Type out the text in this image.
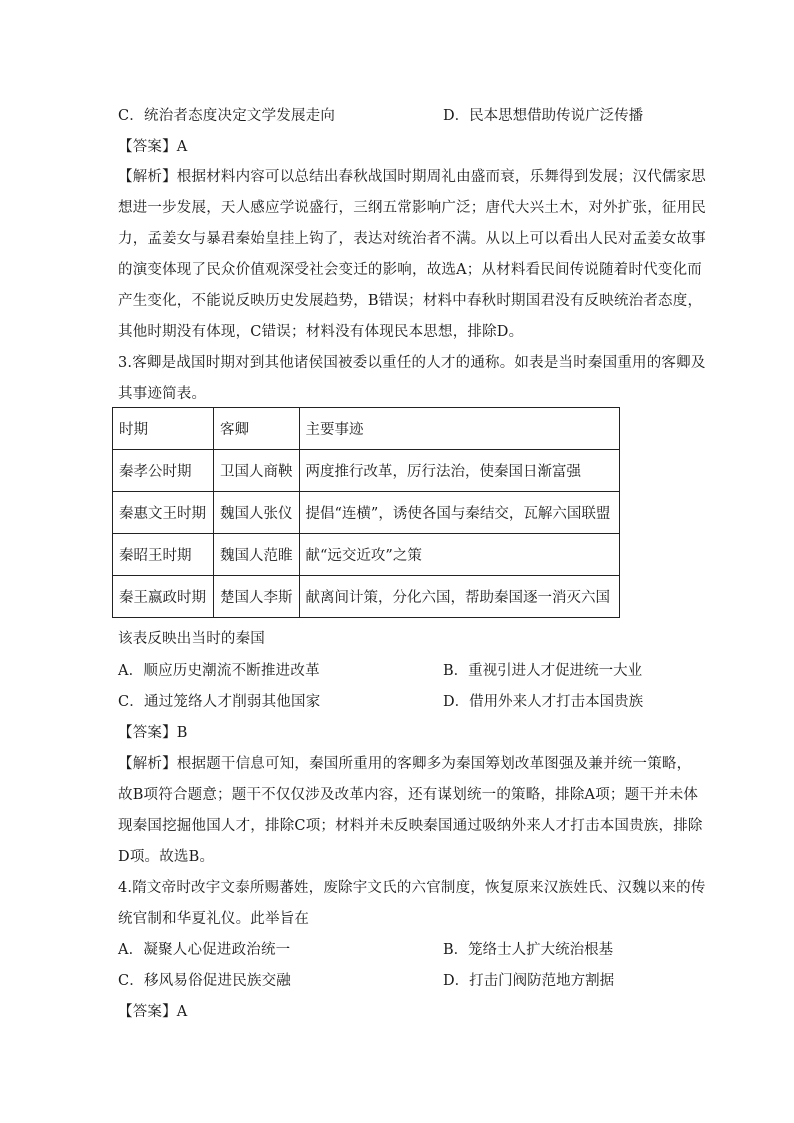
C．统治者态度决定文学发展走向	D．民本思想借助传说广泛传播
【答案】A
【解析】根据材料内容可以总结出春秋战国时期周礼由盛而衰，乐舞得到发展；汉代儒家思
想进一步发展，天人感应学说盛行，三纲五常影响广泛；唐代大兴土木，对外扩张，征用民
力，孟姜女与暴君秦始皇挂上钩了，表达对统治者不满。从以上可以看出人民对孟姜女故事
的演变体现了民众价值观深受社会变迁的影响，故选A；从材料看民间传说随着时代变化而
产生变化，不能说反映历史发展趋势，B错误；材料中春秋时期国君没有反映统治者态度，
其他时期没有体现，C错误；材料没有体现民本思想，排除D。
3.客卿是战国时期对到其他诸侯国被委以重任的人才的通称。如表是当时秦国重用的客卿及
其事迹简表。
时期	客卿	主要事迹
秦孝公时期	卫国人商鞅	两度推行改革，厉行法治，使秦国日渐富强
秦惠文王时期	魏国人张仪	提倡“连横”，诱使各国与秦结交，瓦解六国联盟
秦昭王时期	魏国人范睢	献“远交近攻”之策
秦王嬴政时期	楚国人李斯	献离间计策，分化六国，帮助秦国逐一消灭六国
该表反映出当时的秦国
A．顺应历史潮流不断推进改革	B．重视引进人才促进统一大业
C．通过笼络人才削弱其他国家	D．借用外来人才打击本国贵族
【答案】B
【解析】根据题干信息可知，秦国所重用的客卿多为秦国筹划改革图强及兼并统一策略，
故B项符合题意；题干不仅仅涉及改革内容，还有谋划统一的策略，排除A项；题干并未体
现秦国挖掘他国人才，排除C项；材料并未反映秦国通过吸纳外来人才打击本国贵族，排除
D项。故选B。
4.隋文帝时改宇文泰所赐蕃姓，废除宇文氏的六官制度，恢复原来汉族姓氏、汉魏以来的传
统官制和华夏礼仪。此举旨在
A．凝聚人心促进政治统一	B．笼络士人扩大统治根基
C．移风易俗促进民族交融	D．打击门阀防范地方割据
【答案】A
